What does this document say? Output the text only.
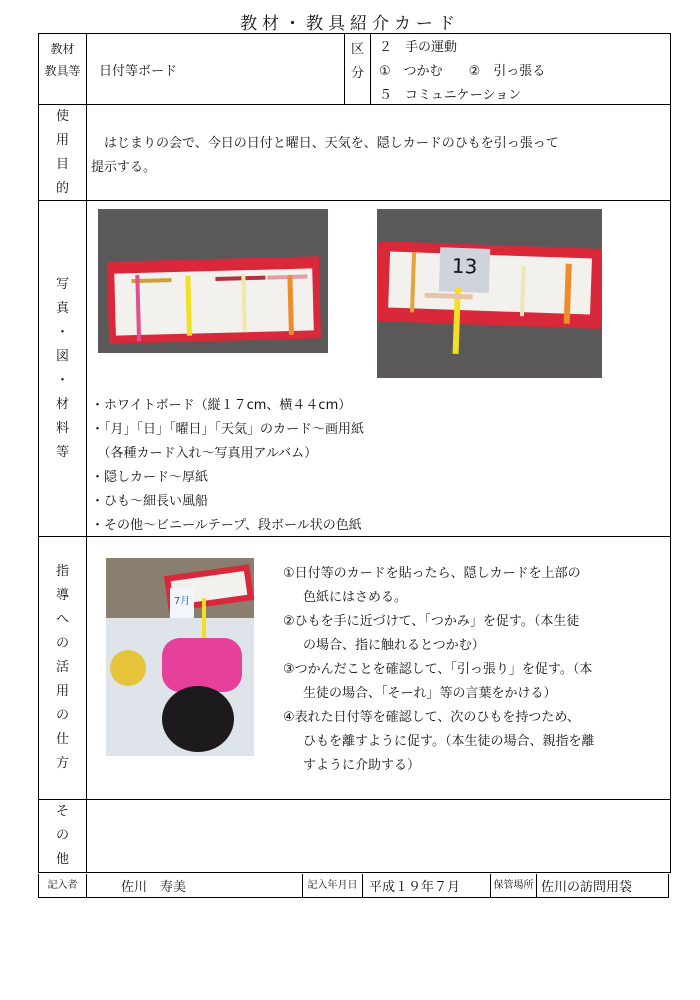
教材・教具紹介カード
教材
教具等	日付等ボード
区
分
２　手の運動
①　つかむ　　②　引っ張る
５　コミュニケーション
使
用
目
的
　はじまりの会で、今日の日付と曜日、天気を、隠しカードのひもを引っ張って
提示する。
写
真
・
図
・
材
料
等
13
・ホワイトボード（縦１７cm、横４４cm）
・「月」「日」「曜日」「天気」のカード～画用紙
　（各種カード入れ～写真用アルバム）
・隠しカード～厚紙
・ひも～細長い風船
・その他～ビニールテープ、段ボール状の色紙
指
導
へ
の
活
用
の
仕
方
7月
①日付等のカードを貼ったら、隠しカードを上部の
色紙にはさめる。
②ひもを手に近づけて、「つかみ」を促す。（本生徒
の場合、指に触れるとつかむ）
③つかんだことを確認して、「引っ張り」を促す。（本
生徒の場合、「そーれ」等の言葉をかける）
④表れた日付等を確認して、次のひもを持つため、
ひもを離すように促す。（本生徒の場合、親指を離
すように介助する）
そ
の
他
記入者	佐川　寿美	記入年月日 平成１９年７月	保管場所 佐川の訪問用袋
